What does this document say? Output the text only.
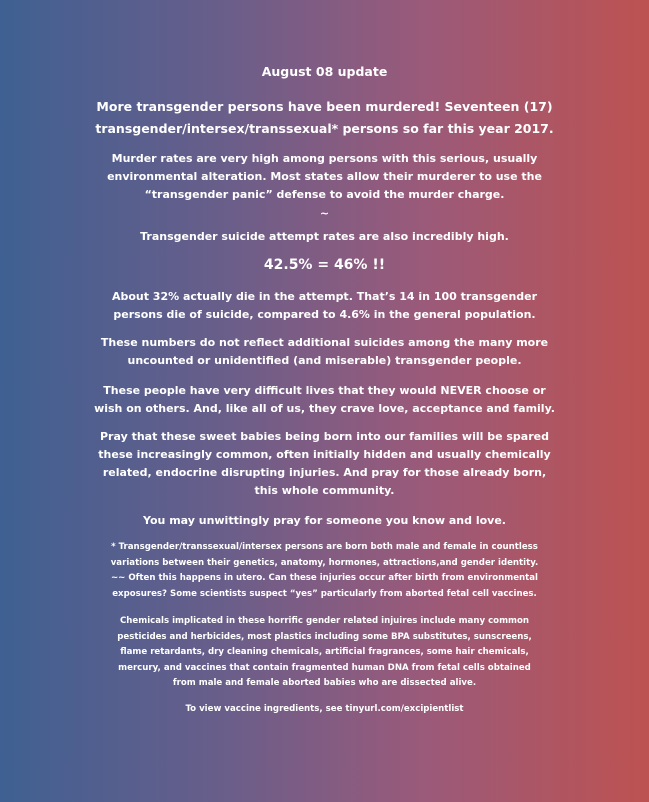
August 08 update

More transgender persons have been murdered! Seventeen (17)
transgender/intersex/transsexual* persons so far this year 2017.

Murder rates are very high among persons with this serious, usually
environmental alteration. Most states allow their murderer to use the
“transgender panic” defense to avoid the murder charge.

~

Transgender suicide attempt rates are also incredibly high.

42.5% = 46% !!

About 32% actually die in the attempt. That’s 14 in 100 transgender
persons die of suicide, compared to 4.6% in the general population.

These numbers do not reflect additional suicides among the many more
uncounted or unidentified (and miserable) transgender people.

These people have very difficult lives that they would NEVER choose or
wish on others. And, like all of us, they crave love, acceptance and family.

Pray that these sweet babies being born into our families will be spared
these increasingly common, often initially hidden and usually chemically
related, endocrine disrupting injuries. And pray for those already born,
this whole community.

You may unwittingly pray for someone you know and love.

* Transgender/transsexual/intersex persons are born both male and female in countless
variations between their genetics, anatomy, hormones, attractions,and gender identity.
~~ Often this happens in utero. Can these injuries occur after birth from environmental
exposures? Some scientists suspect “yes” particularly from aborted fetal cell vaccines.

Chemicals implicated in these horrific gender related injuires include many common
pesticides and herbicides, most plastics including some BPA substitutes, sunscreens,
flame retardants, dry cleaning chemicals, artificial fragrances, some hair chemicals,
mercury, and vaccines that contain fragmented human DNA from fetal cells obtained
from male and female aborted babies who are dissected alive.

To view vaccine ingredients, see tinyurl.com/excipientlist
